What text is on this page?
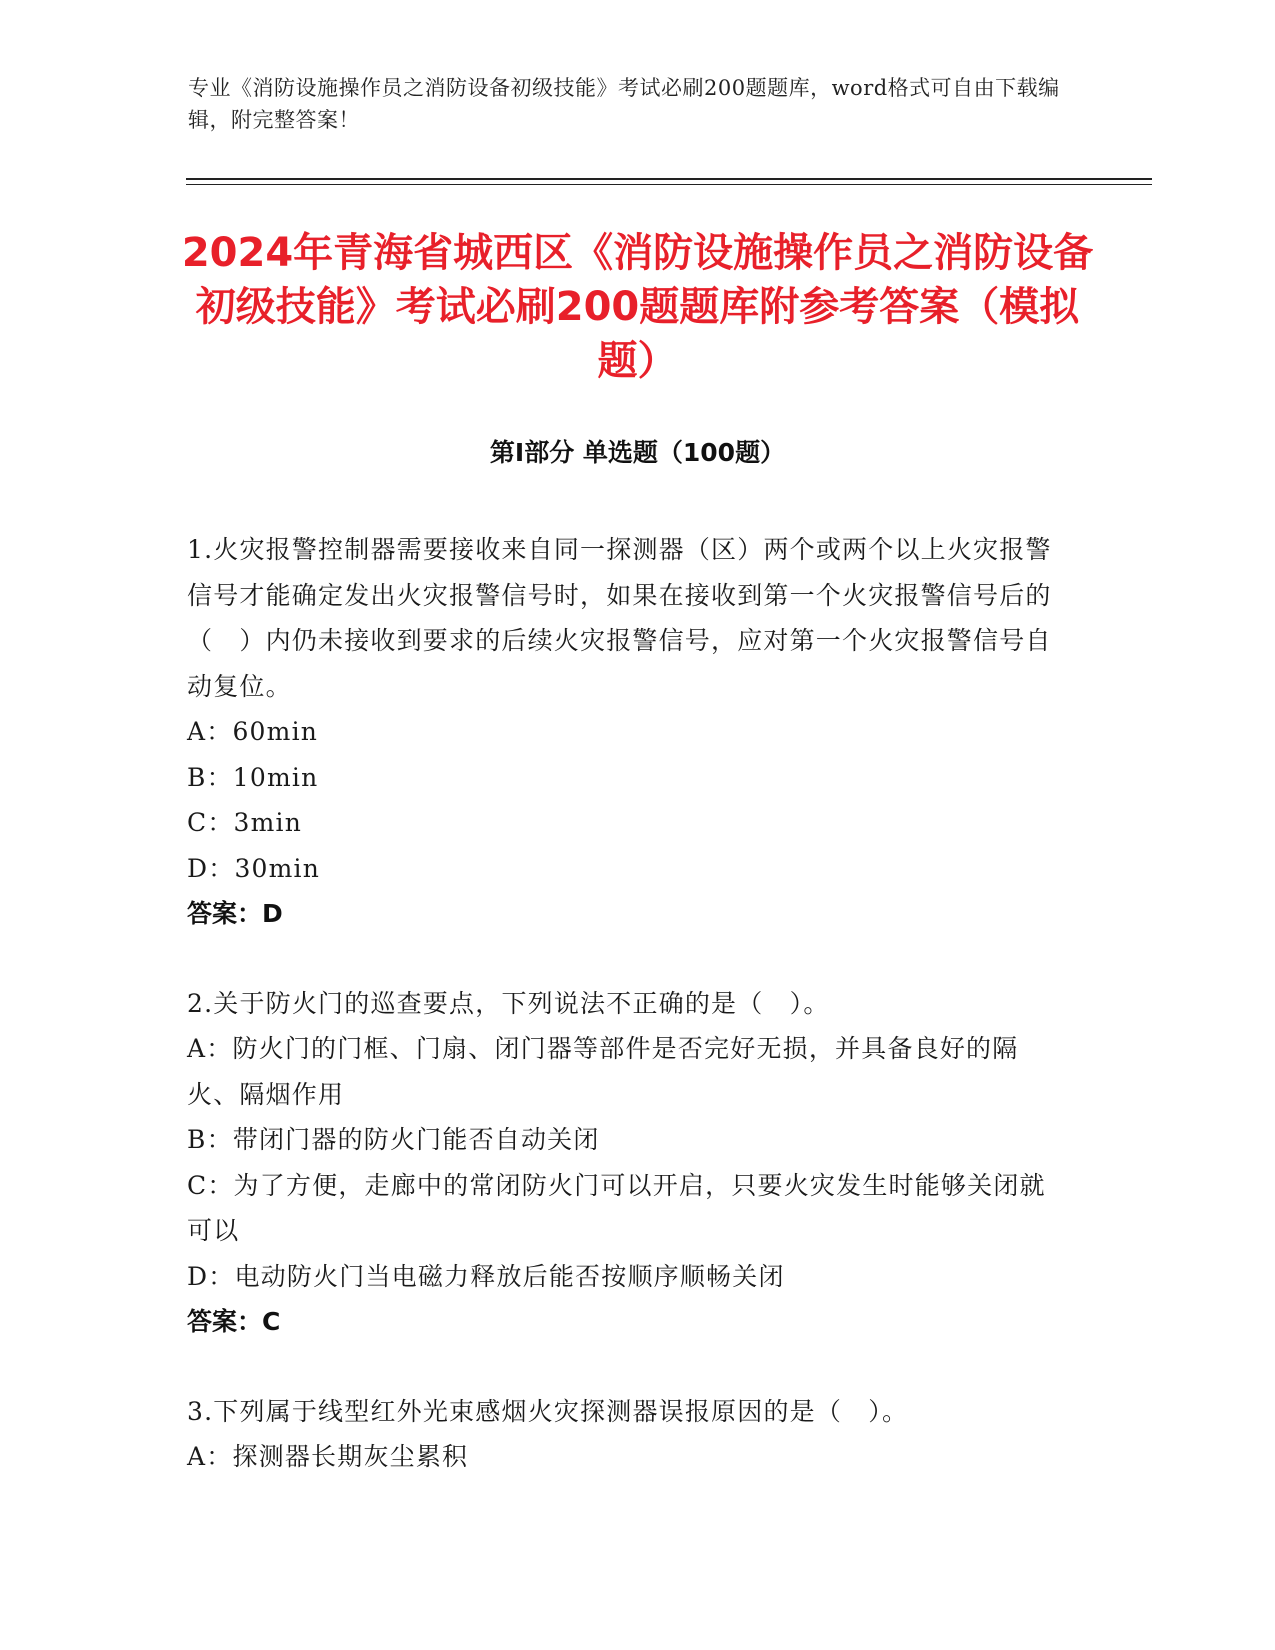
专业《消防设施操作员之消防设备初级技能》考试必刷200题题库，word格式可自由下载编辑，附完整答案！
2024年青海省城西区《消防设施操作员之消防设备初级技能》考试必刷200题题库附参考答案（模拟题）
第Ⅰ部分 单选题（100题）

1.火灾报警控制器需要接收来自同一探测器（区）两个或两个以上火灾报警信号才能确定发出火灾报警信号时，如果在接收到第一个火灾报警信号后的（　）内仍未接收到要求的后续火灾报警信号，应对第一个火灾报警信号自动复位。

A：60min

B：10min

C：3min

D：30min

答案：D

2.关于防火门的巡查要点，下列说法不正确的是（　）。

A：防火门的门框、门扇、闭门器等部件是否完好无损，并具备良好的隔火、隔烟作用

B：带闭门器的防火门能否自动关闭

C：为了方便，走廊中的常闭防火门可以开启，只要火灾发生时能够关闭就可以

D：电动防火门当电磁力释放后能否按顺序顺畅关闭

答案：C

3.下列属于线型红外光束感烟火灾探测器误报原因的是（　）。

A：探测器长期灰尘累积
